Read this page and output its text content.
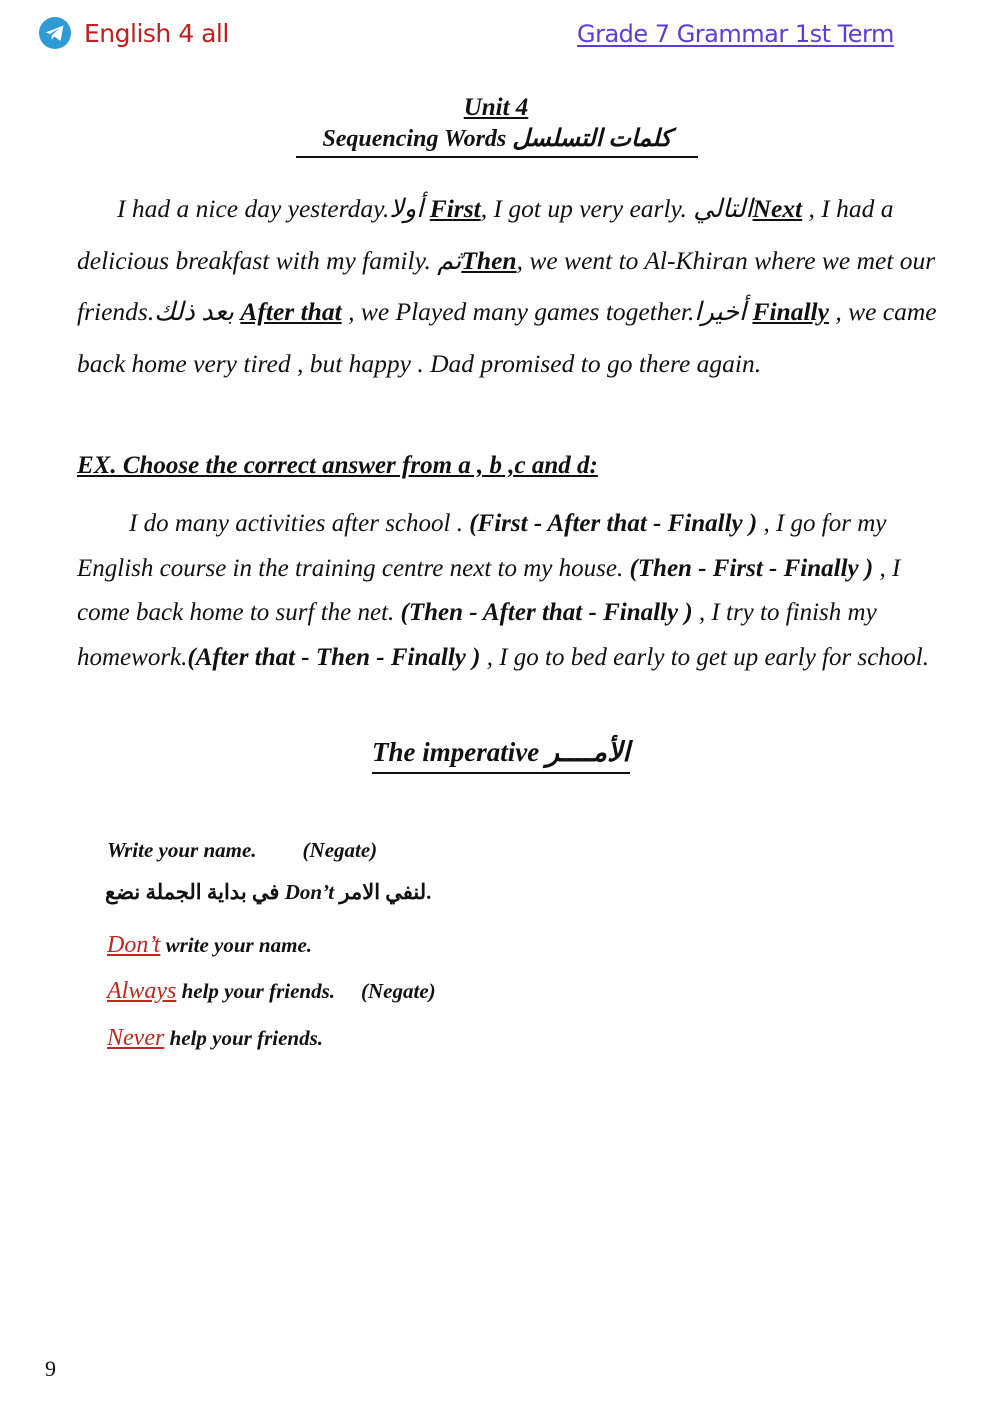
English 4 all	Grade 7 Grammar 1st Term
Unit 4
Sequencing Words كلمات التسلسل
I had a nice day yesterday.أولا First, I got up very early. التاليNext , I had a delicious breakfast with my family. ثمThen, we went to Al-Khiran where we met our friends.بعد ذلك After that , we Played many games together.أخيرا Finally , we came back home very tired , but happy . Dad promised to go there again.
EX. Choose the correct answer from a , b ,c and d:
I do many activities after school . (First - After that - Finally ) , I go for my English course in the training centre next to my house. (Then - First - Finally ) , I come back home to surf the net. (Then - After that - Finally ) , I try to finish my homework.(After that - Then - Finally ) , I go to bed early to get up early for school.
The imperative الأمــــر
Write your name. (Negate)
في بداية الجملة نضع Don’t لنفي الامر.
Don’t write your name.
Always help your friends. (Negate)
Never help your friends.
9
